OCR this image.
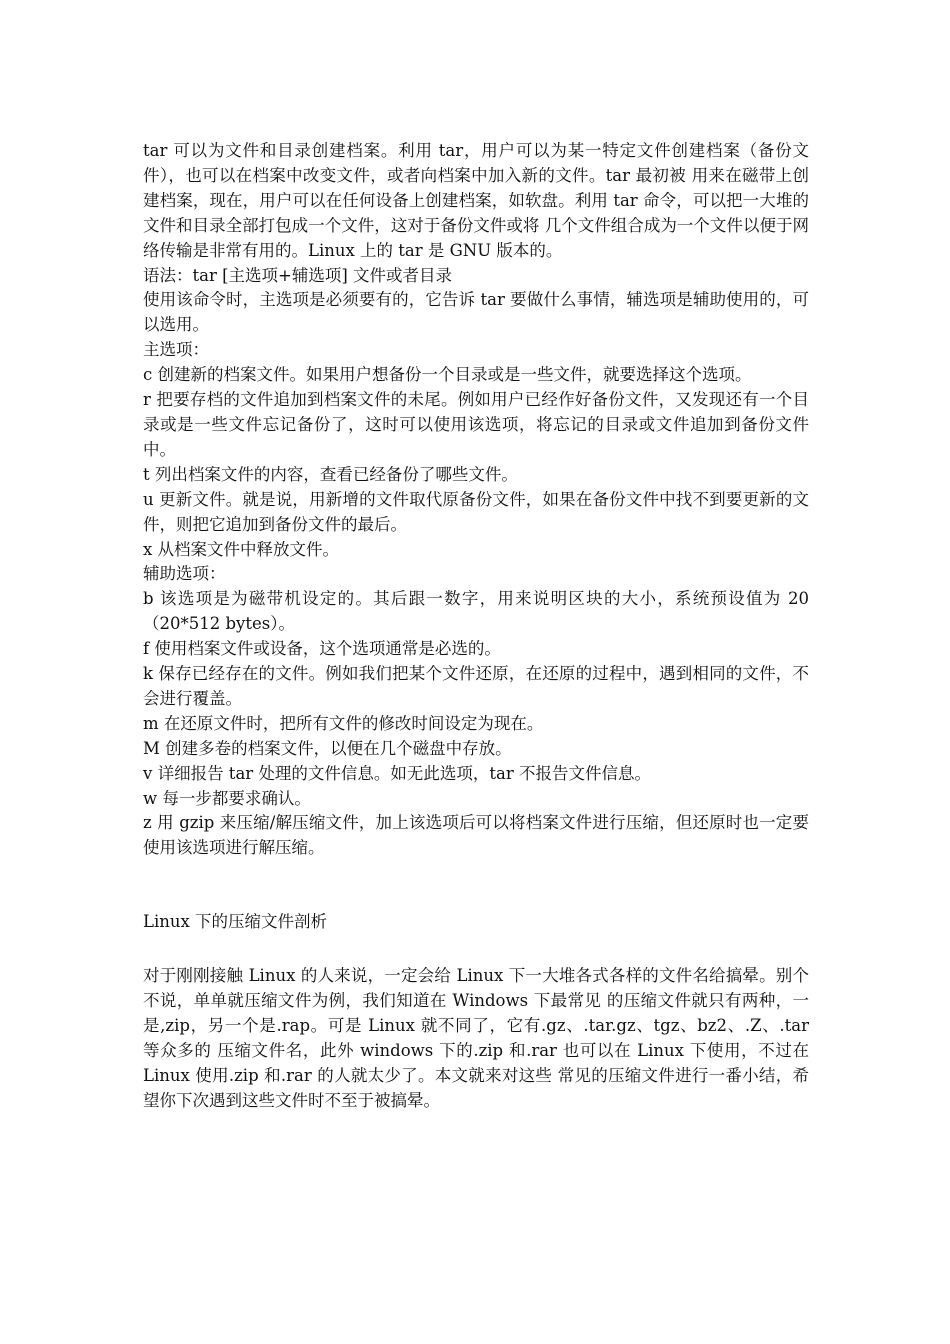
tar 可以为文件和目录创建档案。利用 tar，用户可以为某一特定文件创建档案（备份文件），也可以在档案中改变文件，或者向档案中加入新的文件。tar 最初被 用来在磁带上创建档案，现在，用户可以在任何设备上创建档案，如软盘。利用 tar 命令，可以把一大堆的文件和目录全部打包成一个文件，这对于备份文件或将 几个文件组合成为一个文件以便于网络传输是非常有用的。Linux 上的 tar 是 GNU 版本的。

语法：tar [主选项+辅选项] 文件或者目录

使用该命令时，主选项是必须要有的，它告诉 tar 要做什么事情，辅选项是辅助使用的，可以选用。

主选项：

c 创建新的档案文件。如果用户想备份一个目录或是一些文件，就要选择这个选项。

r 把要存档的文件追加到档案文件的未尾。例如用户已经作好备份文件，又发现还有一个目录或是一些文件忘记备份了，这时可以使用该选项，将忘记的目录或文件追加到备份文件中。

t 列出档案文件的内容，查看已经备份了哪些文件。

u 更新文件。就是说，用新增的文件取代原备份文件，如果在备份文件中找不到要更新的文件，则把它追加到备份文件的最后。

x 从档案文件中释放文件。

辅助选项：

b 该选项是为磁带机设定的。其后跟一数字，用来说明区块的大小，系统预设值为 20（20*512 bytes）。

f 使用档案文件或设备，这个选项通常是必选的。

k 保存已经存在的文件。例如我们把某个文件还原，在还原的过程中，遇到相同的文件，不会进行覆盖。

m 在还原文件时，把所有文件的修改时间设定为现在。

M 创建多卷的档案文件，以便在几个磁盘中存放。

v 详细报告 tar 处理的文件信息。如无此选项，tar 不报告文件信息。

w 每一步都要求确认。

z 用 gzip 来压缩/解压缩文件，加上该选项后可以将档案文件进行压缩，但还原时也一定要使用该选项进行解压缩。

Linux 下的压缩文件剖析

对于刚刚接触 Linux 的人来说，一定会给 Linux 下一大堆各式各样的文件名给搞晕。别个不说，单单就压缩文件为例，我们知道在 Windows 下最常见 的压缩文件就只有两种，一是,zip，另一个是.rap。可是 Linux 就不同了，它有.gz、.tar.gz、tgz、bz2、.Z、.tar 等众多的 压缩文件名，此外 windows 下的.zip 和.rar 也可以在 Linux 下使用，不过在 Linux 使用.zip 和.rar 的人就太少了。本文就来对这些 常见的压缩文件进行一番小结，希望你下次遇到这些文件时不至于被搞晕。
